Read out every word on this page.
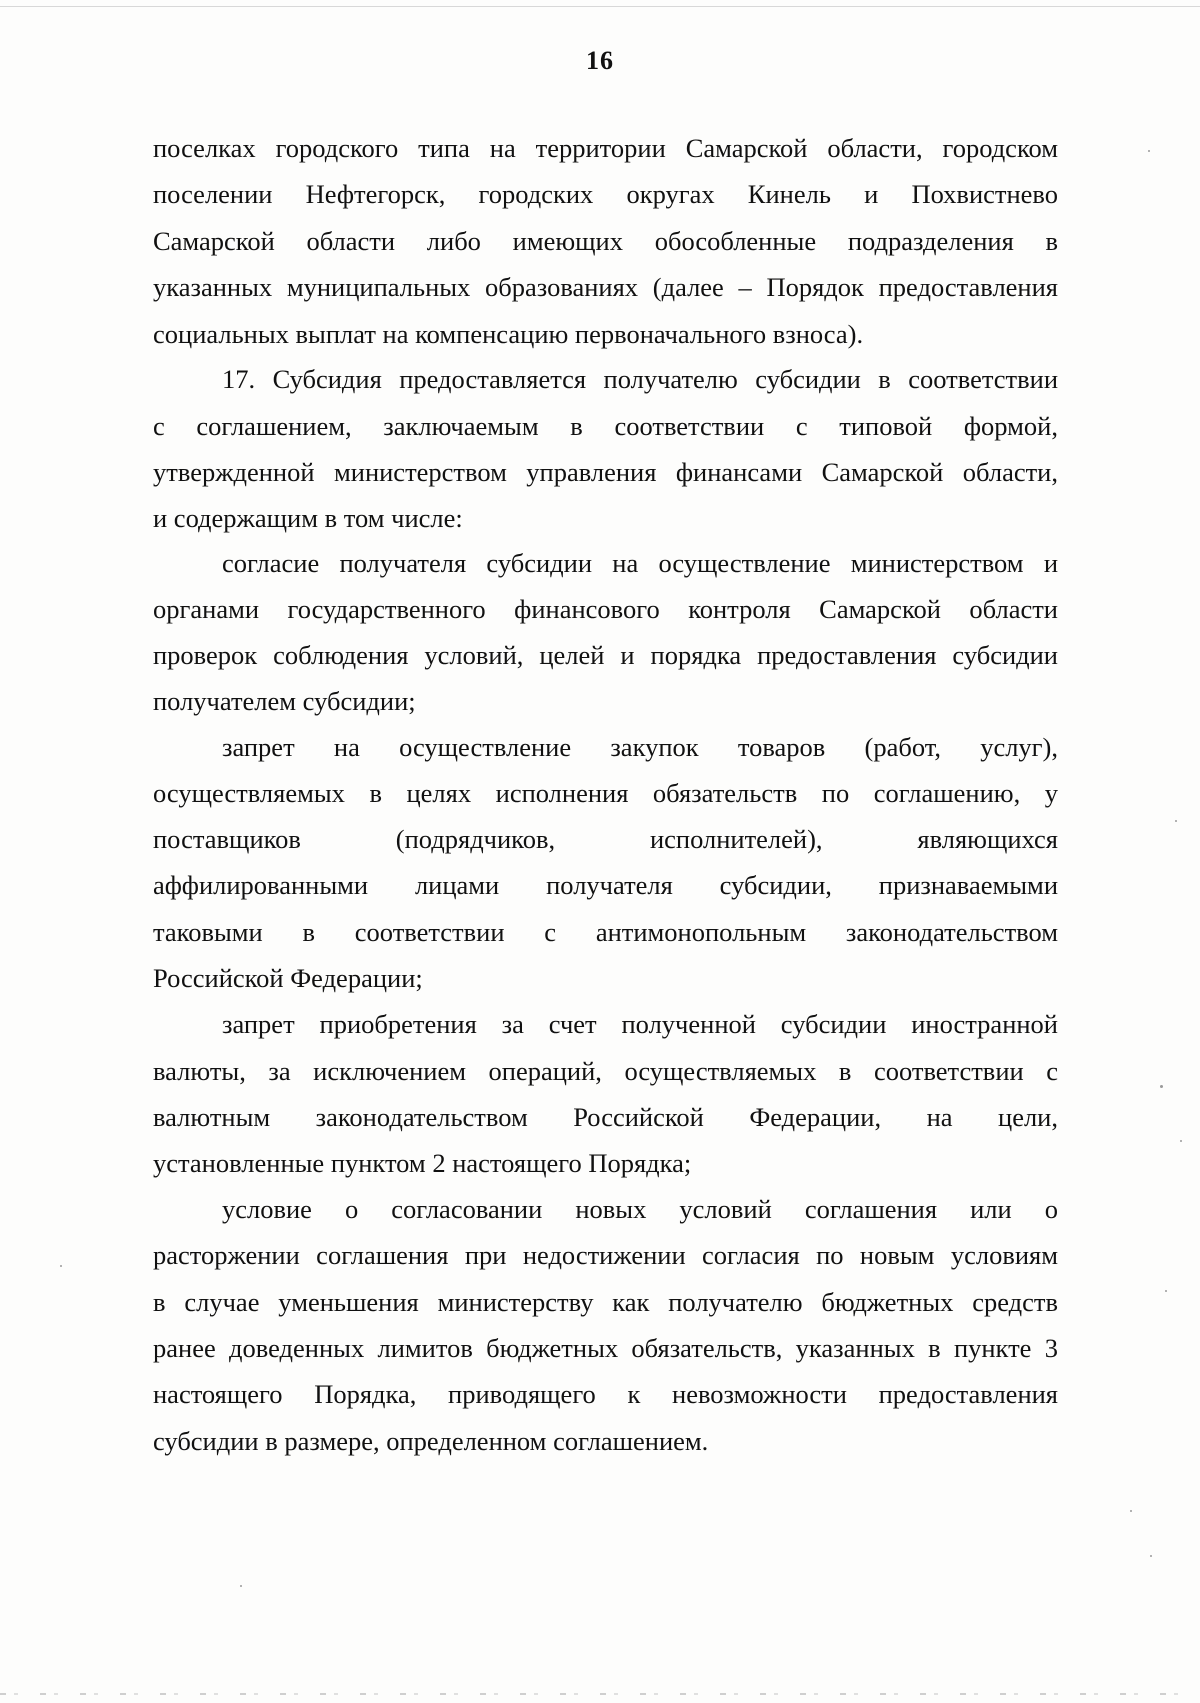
16
поселках городского типа на территории Самарской области, городском
поселении Нефтегорск, городских округах Кинель и Похвистнево
Самарской области либо имеющих обособленные подразделения в
указанных муниципальных образованиях (далее – Порядок предоставления
социальных выплат на компенсацию первоначального взноса).
17. Субсидия предоставляется получателю субсидии в соответствии
с соглашением, заключаемым в соответствии с типовой формой,
утвержденной министерством управления финансами Самарской области,
и содержащим в том числе:
согласие получателя субсидии на осуществление министерством и
органами государственного финансового контроля Самарской области
проверок соблюдения условий, целей и порядка предоставления субсидии
получателем субсидии;
запрет на осуществление закупок товаров (работ, услуг),
осуществляемых в целях исполнения обязательств по соглашению, у
поставщиков (подрядчиков, исполнителей), являющихся
аффилированными лицами получателя субсидии, признаваемыми
таковыми в соответствии с антимонопольным законодательством
Российской Федерации;
запрет приобретения за счет полученной субсидии иностранной
валюты, за исключением операций, осуществляемых в соответствии с
валютным законодательством Российской Федерации, на цели,
установленные пунктом 2 настоящего Порядка;
условие о согласовании новых условий соглашения или о
расторжении соглашения при недостижении согласия по новым условиям
в случае уменьшения министерству как получателю бюджетных средств
ранее доведенных лимитов бюджетных обязательств, указанных в пункте 3
настоящего Порядка, приводящего к невозможности предоставления
субсидии в размере, определенном соглашением.
